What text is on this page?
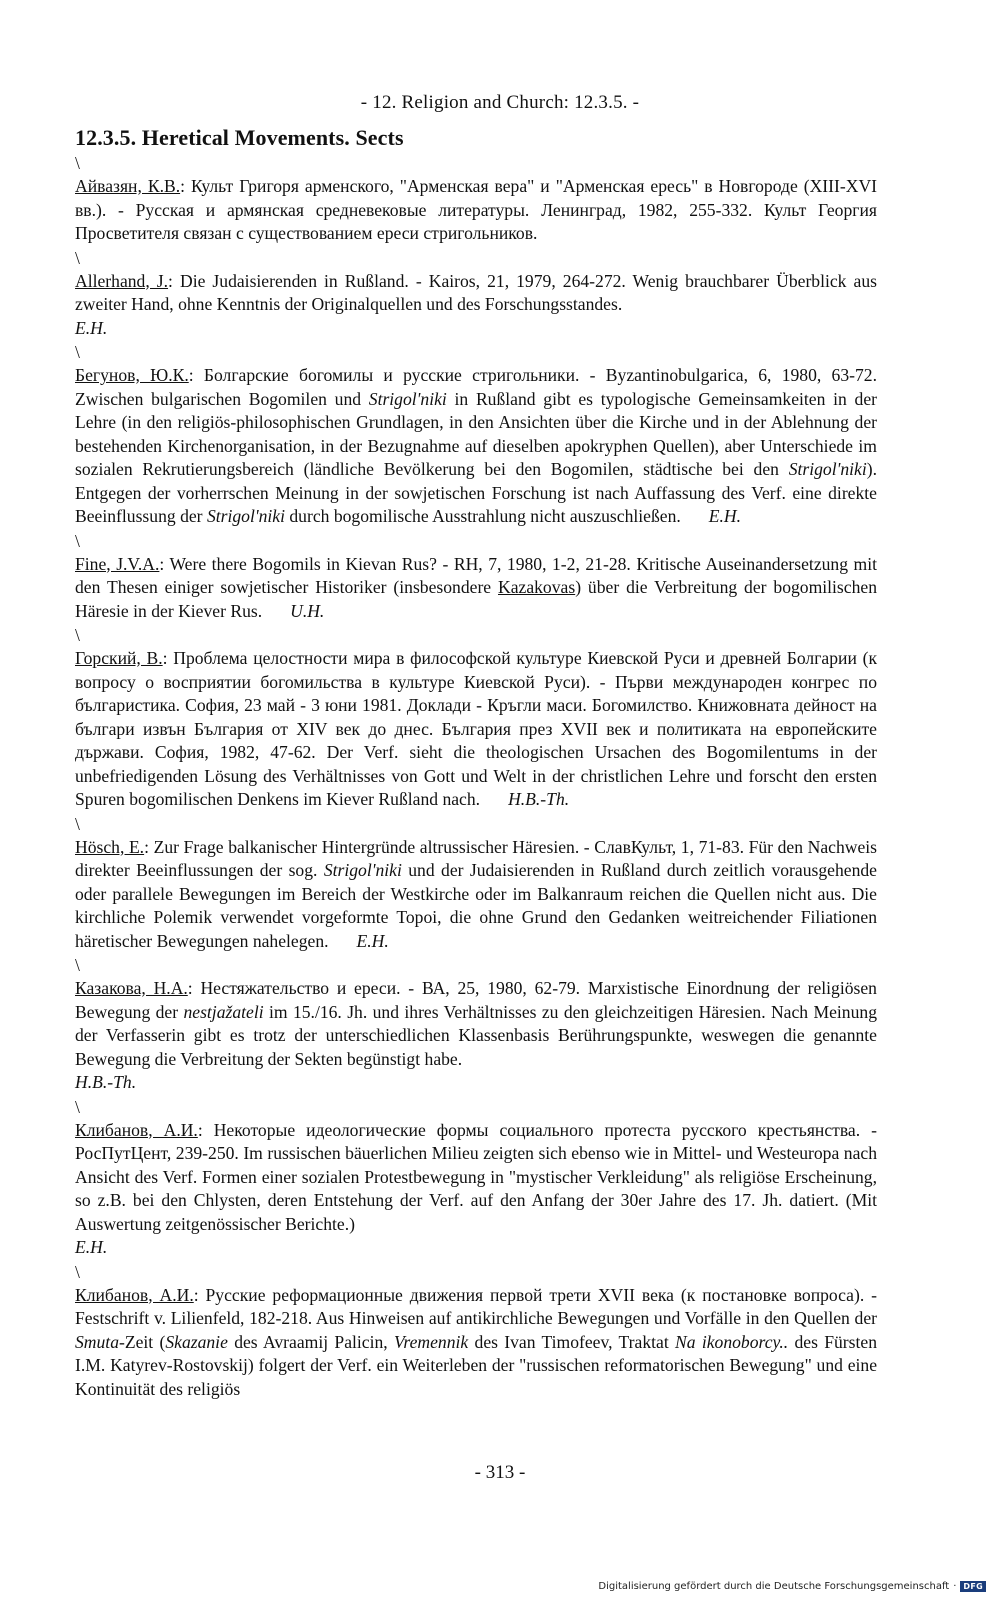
- 12. Religion and Church: 12.3.5. -
12.3.5. Heretical Movements. Sects
\
Айвазян, К.В.: Культ Григоря арменского, "Арменская вера" и "Арменская ересь" в Новгороде (XIII-XVI вв.). - Русская и армянская средневековые литературы. Ленинград, 1982, 255-332. Культ Георгия Просветителя связан с существованием ереси стригольников.
\
Allerhand, J.: Die Judaisierenden in Rußland. - Kairos, 21, 1979, 264-272. Wenig brauchbarer Überblick aus zweiter Hand, ohne Kenntnis der Originalquellen und des Forschungsstandes.
E.H.
\
Бегунов, Ю.К.: Болгарские богомилы и русские стригольники. - Byzantinobulgarica, 6, 1980, 63-72. Zwischen bulgarischen Bogomilen und Strigol'niki in Rußland gibt es typologische Gemeinsamkeiten in der Lehre (in den religiös-philosophischen Grundlagen, in den Ansichten über die Kirche und in der Ablehnung der bestehenden Kirchenorganisation, in der Bezugnahme auf dieselben apokryphen Quellen), aber Unterschiede im sozialen Rekrutierungsbereich (ländliche Bevölkerung bei den Bogomilen, städtische bei den Strigol'niki). Entgegen der vorherrschen Meinung in der sowjetischen Forschung ist nach Auffassung des Verf. eine direkte Beeinflussung der Strigol'niki durch bogomilische Ausstrahlung nicht auszuschließen. E.H.
\
Fine, J.V.A.: Were there Bogomils in Kievan Rus? - RH, 7, 1980, 1-2, 21-28. Kritische Auseinandersetzung mit den Thesen einiger sowjetischer Historiker (insbesondere Kazakovas) über die Verbreitung der bogomilischen Häresie in der Kiever Rus. U.H.
\
Горский, В.: Проблема целостности мира в философской культуре Киевской Руси и древней Болгарии (к вопросу о восприятии богомильства в культуре Киевской Руси). - Първи международен конгрес по българистика. София, 23 май - 3 юни 1981. Доклади - Кръгли маси. Богомилство. Книжовната дейност на българи извън България от XIV век до днес. България през XVII век и политиката на европейските държави. София, 1982, 47-62. Der Verf. sieht die theologischen Ursachen des Bogomilentums in der unbefriedigenden Lösung des Verhältnisses von Gott und Welt in der christlichen Lehre und forscht den ersten Spuren bogomilischen Denkens im Kiever Rußland nach. H.B.-Th.
\
Hösch, E.: Zur Frage balkanischer Hintergründe altrussischer Häresien. - СлавКульт, 1, 71-83. Für den Nachweis direkter Beeinflussungen der sog. Strigol'niki und der Judaisierenden in Rußland durch zeitlich vorausgehende oder parallele Bewegungen im Bereich der Westkirche oder im Balkanraum reichen die Quellen nicht aus. Die kirchliche Polemik verwendet vorgeformte Topoi, die ohne Grund den Gedanken weitreichender Filiationen häretischer Bewegungen nahelegen. E.H.
\
Казакова, Н.А.: Нестяжательство и ереси. - ВА, 25, 1980, 62-79. Marxistische Einordnung der religiösen Bewegung der nestjažateli im 15./16. Jh. und ihres Verhältnisses zu den gleichzeitigen Häresien. Nach Meinung der Verfasserin gibt es trotz der unterschiedlichen Klassenbasis Berührungspunkte, weswegen die genannte Bewegung die Verbreitung der Sekten begünstigt habe.
H.B.-Th.
\
Клибанов, А.И.: Некоторые идеологические формы социального протеста русского крестьянства. - РосПутЦент, 239-250. Im russischen bäuerlichen Milieu zeigten sich ebenso wie in Mittel- und Westeuropa nach Ansicht des Verf. Formen einer sozialen Protestbewegung in "mystischer Verkleidung" als religiöse Erscheinung, so z.B. bei den Chlysten, deren Entstehung der Verf. auf den Anfang der 30er Jahre des 17. Jh. datiert. (Mit Auswertung zeitgenössischer Berichte.)
E.H.
\
Клибанов, А.И.: Русские реформационные движения первой трети XVII века (к постановке вопроса). - Festschrift v. Lilienfeld, 182-218. Aus Hinweisen auf antikirchliche Bewegungen und Vorfälle in den Quellen der Smuta-Zeit (Skazanie des Avraamij Palicin, Vremennik des Ivan Timofeev, Traktat Na ikonoborcy.. des Fürsten I.M. Katyrev-Rostovskij) folgert der Verf. ein Weiterleben der "russischen reformatorischen Bewegung" und eine Kontinuität des religiös
- 313 -
Digitalisierung gefördert durch die Deutsche Forschungsgemeinschaft · DFG
